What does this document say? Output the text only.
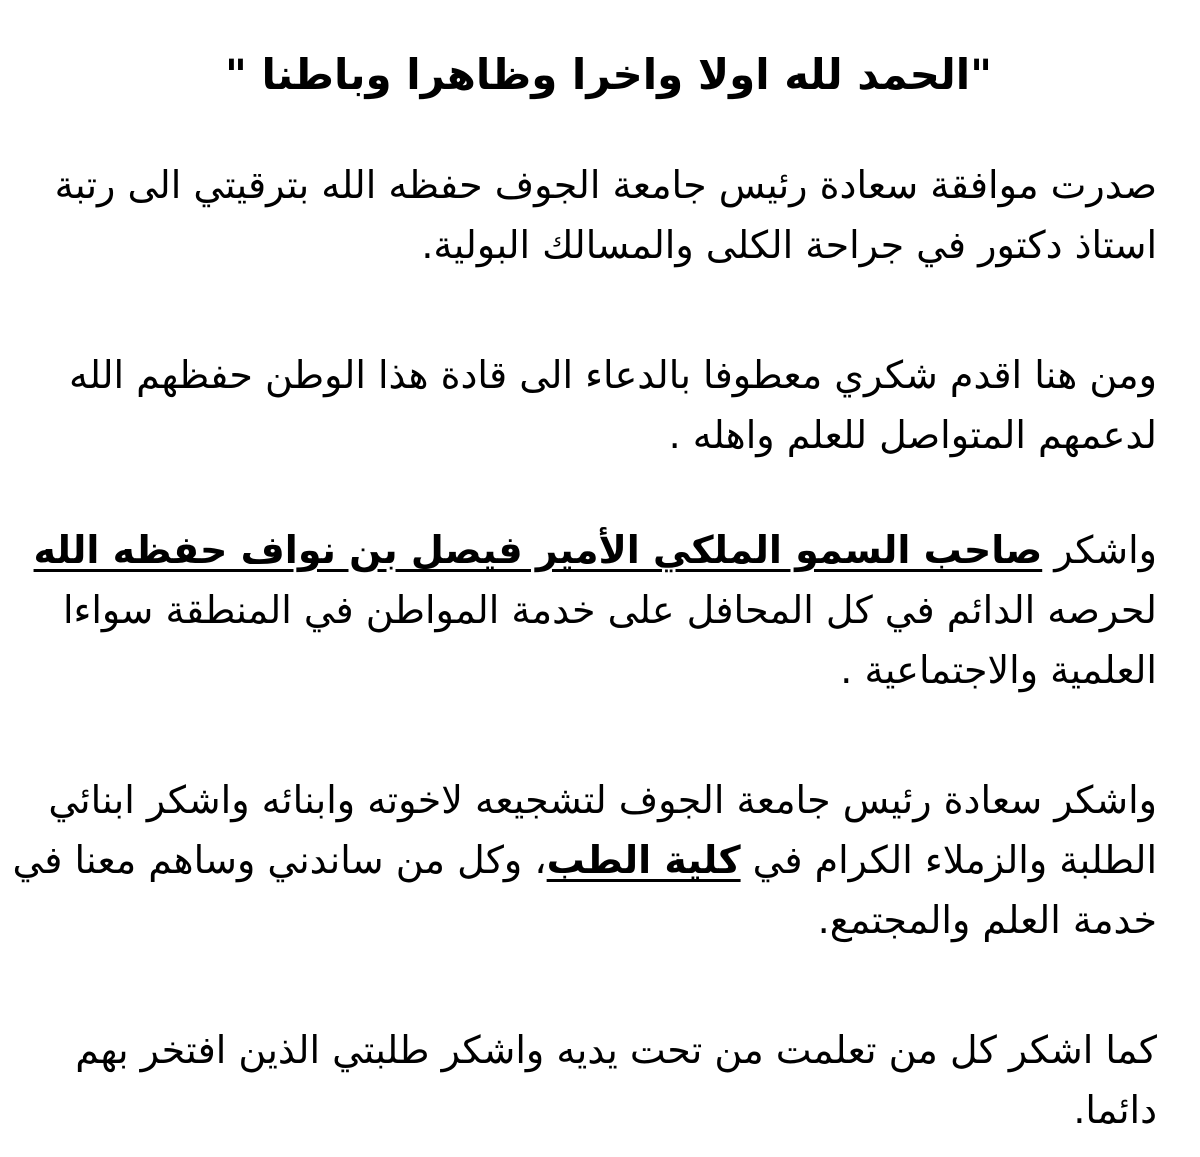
"الحمد لله اولا واخرا وظاهرا وباطنا "

صدرت موافقة سعادة رئيس جامعة الجوف حفظه الله بترقيتي الى رتبة
استاذ دكتور في جراحة الكلى والمسالك البولية.

ومن هنا اقدم شكري معطوفا بالدعاء الى قادة هذا الوطن حفظهم الله
لدعمهم المتواصل للعلم واهله .

واشكر صاحب السمو الملكي الأمير فيصل بن نواف حفظه الله
لحرصه الدائم في كل المحافل على خدمة المواطن في المنطقة سواءا
العلمية والاجتماعية .

واشكر سعادة رئيس جامعة الجوف لتشجيعه لاخوته وابنائه واشكر ابنائي
الطلبة والزملاء الكرام في كلية الطب، وكل من ساندني وساهم معنا في
خدمة العلم والمجتمع.

كما اشكر كل من تعلمت من تحت يديه واشكر طلبتي الذين افتخر بهم
دائما.
